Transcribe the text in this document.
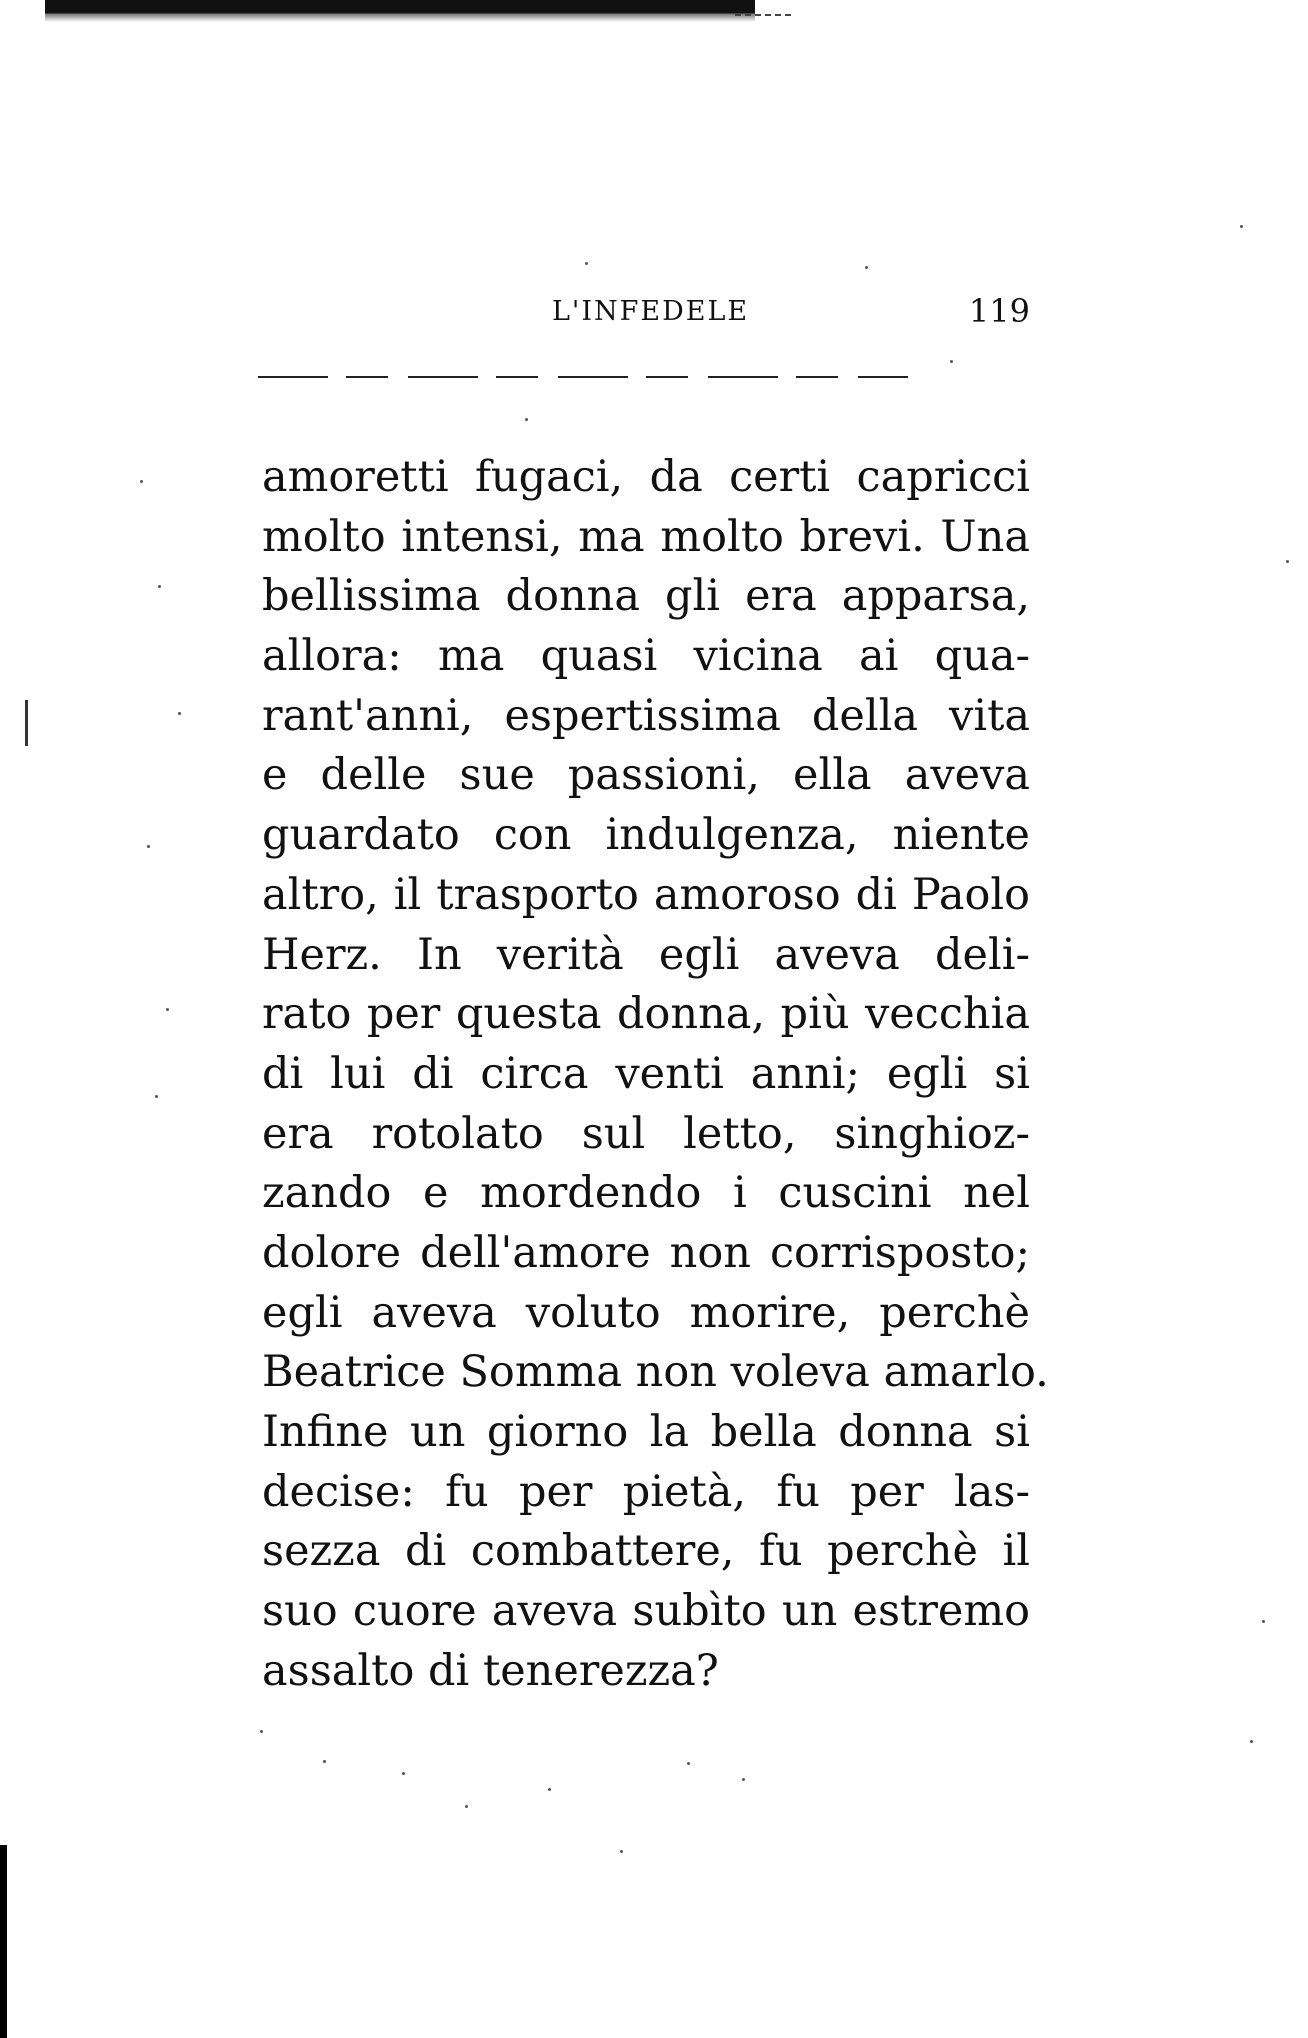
L'INFEDELE	119
amoretti fugaci, da certi capricci
molto intensi, ma molto brevi. Una
bellissima donna gli era apparsa,
allora: ma quasi vicina ai qua-
rant'anni, espertissima della vita
e delle sue passioni, ella aveva
guardato con indulgenza, niente
altro, il trasporto amoroso di Paolo
Herz. In verità egli aveva deli-
rato per questa donna, più vecchia
di lui di circa venti anni; egli si
era rotolato sul letto, singhioz-
zando e mordendo i cuscini nel
dolore dell'amore non corrisposto;
egli aveva voluto morire, perchè
Beatrice Somma non voleva amarlo.
Infine un giorno la bella donna si
decise: fu per pietà, fu per las-
sezza di combattere, fu perchè il
suo cuore aveva subìto un estremo
assalto di tenerezza?
